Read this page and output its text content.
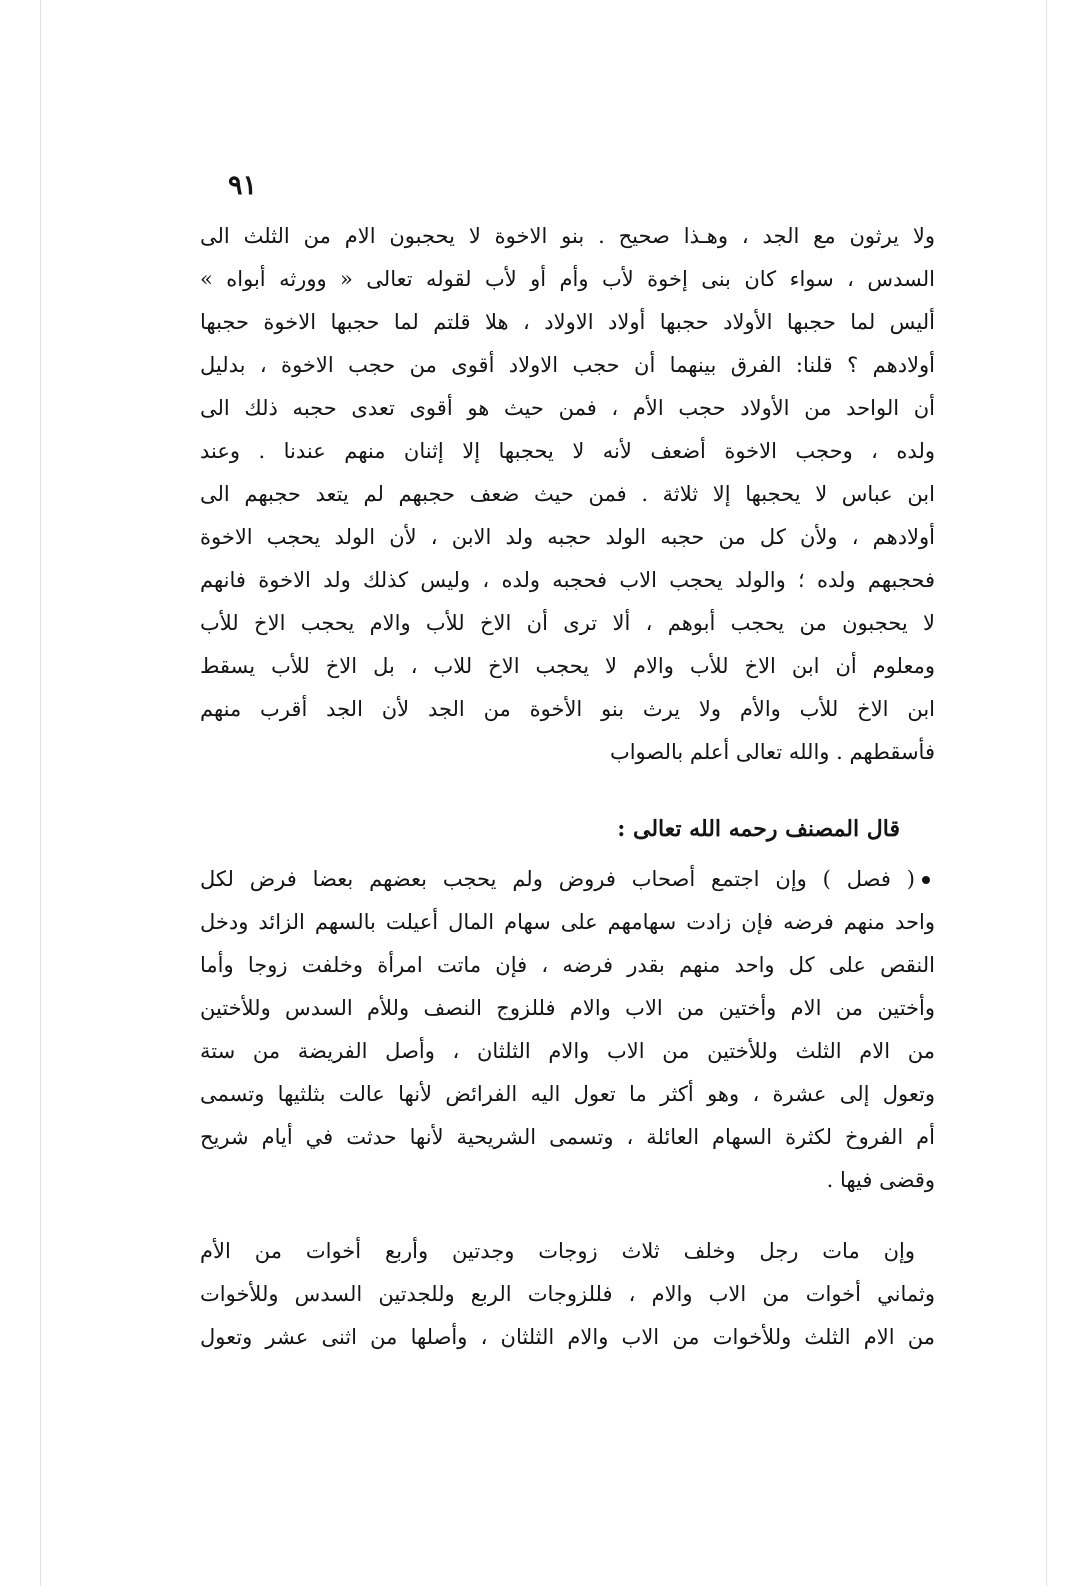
٩١
ولا يرثون مع الجد ، وهـذا صحيح . بنو الاخوة لا يحجبون الام من الثلث الى
السدس ، سواء كان بنى إخوة لأب وأم أو لأب لقوله تعالى « وورثه أبواه »
أليس لما حجبها الأولاد حجبها أولاد الاولاد ، هلا قلتم لما حجبها الاخوة حجبها
أولادهم ؟ قلنا: الفرق بينهما أن حجب الاولاد أقوى من حجب الاخوة ، بدليل
أن الواحد من الأولاد حجب الأم ، فمن حيث هو أقوى تعدى حجبه ذلك الى
ولده ، وحجب الاخوة أضعف لأنه لا يحجبها إلا إثنان منهم عندنا . وعند
ابن عباس لا يحجبها إلا ثلاثة . فمن حيث ضعف حجبهم لم يتعد حجبهم الى
أولادهم ، ولأن كل من حجبه الولد حجبه ولد الابن ، لأن الولد يحجب الاخوة
فحجبهم ولده ؛ والولد يحجب الاب فحجبه ولده ، وليس كذلك ولد الاخوة فانهم
لا يحجبون من يحجب أبوهم ، ألا ترى أن الاخ للأب والام يحجب الاخ للأب
ومعلوم أن ابن الاخ للأب والام لا يحجب الاخ للاب ، بل الاخ للأب يسقط
ابن الاخ للأب والأم ولا يرث بنو الأخوة من الجد لأن الجد أقرب منهم
فأسقطهم . والله تعالى أعلم بالصواب
قال المصنف رحمه الله تعالى :
( فصل ) وإن اجتمع أصحاب فروض ولم يحجب بعضهم بعضا فرض لكل
واحد منهم فرضه فإن زادت سهامهم على سهام المال أعيلت بالسهم الزائد ودخل
النقص على كل واحد منهم بقدر فرضه ، فإن ماتت امرأة وخلفت زوجا وأما
وأختين من الام وأختين من الاب والام فللزوج النصف وللأم السدس وللأختين
من الام الثلث وللأختين من الاب والام الثلثان ، وأصل الفريضة من ستة
وتعول إلى عشرة ، وهو أكثر ما تعول اليه الفرائض لأنها عالت بثلثيها وتسمى
أم الفروخ لكثرة السهام العائلة ، وتسمى الشريحية لأنها حدثت في أيام شريح
وقضى فيها .
وإن مات رجل وخلف ثلاث زوجات وجدتين وأربع أخوات من الأم
وثماني أخوات من الاب والام ، فللزوجات الربع وللجدتين السدس وللأخوات
من الام الثلث وللأخوات من الاب والام الثلثان ، وأصلها من اثنى عشر وتعول
